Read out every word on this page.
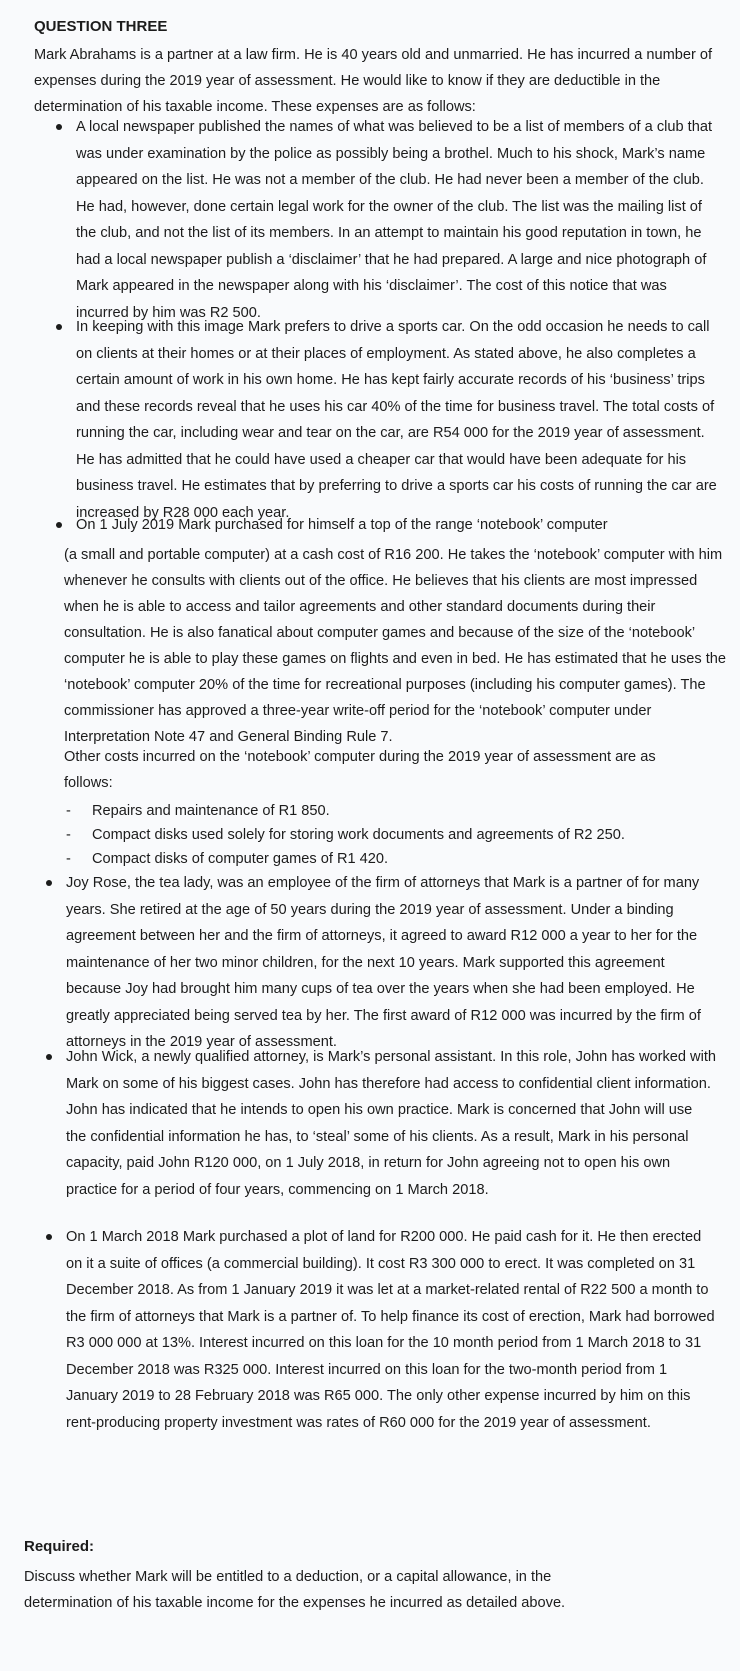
QUESTION THREE
Mark Abrahams is a partner at a law firm. He is 40 years old and unmarried. He has incurred a number of expenses during the 2019 year of assessment. He would like to know if they are deductible in the determination of his taxable income. These expenses are as follows:
A local newspaper published the names of what was believed to be a list of members of a club that was under examination by the police as possibly being a brothel. Much to his shock, Mark’s name appeared on the list. He was not a member of the club. He had never been a member of the club. He had, however, done certain legal work for the owner of the club. The list was the mailing list of the club, and not the list of its members. In an attempt to maintain his good reputation in town, he had a local newspaper publish a ‘disclaimer’ that he had prepared. A large and nice photograph of Mark appeared in the newspaper along with his ‘disclaimer’. The cost of this notice that was incurred by him was R2 500.
In keeping with this image Mark prefers to drive a sports car. On the odd occasion he needs to call on clients at their homes or at their places of employment. As stated above, he also completes a certain amount of work in his own home. He has kept fairly accurate records of his ‘business’ trips and these records reveal that he uses his car 40% of the time for business travel. The total costs of running the car, including wear and tear on the car, are R54 000 for the 2019 year of assessment. He has admitted that he could have used a cheaper car that would have been adequate for his business travel. He estimates that by preferring to drive a sports car his costs of running the car are increased by R28 000 each year.
On 1 July 2019 Mark purchased for himself a top of the range ‘notebook’ computer
(a small and portable computer) at a cash cost of R16 200. He takes the ‘notebook’ computer with him whenever he consults with clients out of the office. He believes that his clients are most impressed when he is able to access and tailor agreements and other standard documents during their consultation. He is also fanatical about computer games and because of the size of the ‘notebook’ computer he is able to play these games on flights and even in bed. He has estimated that he uses the ‘notebook’ computer 20% of the time for recreational purposes (including his computer games). The commissioner has approved a three-year write-off period for the ‘notebook’ computer under Interpretation Note 47 and General Binding Rule 7.
Other costs incurred on the ‘notebook’ computer during the 2019 year of assessment are as follows:
- Repairs and maintenance of R1 850.
- Compact disks used solely for storing work documents and agreements of R2 250.
- Compact disks of computer games of R1 420.
Joy Rose, the tea lady, was an employee of the firm of attorneys that Mark is a partner of for many years. She retired at the age of 50 years during the 2019 year of assessment. Under a binding agreement between her and the firm of attorneys, it agreed to award R12 000 a year to her for the maintenance of her two minor children, for the next 10 years. Mark supported this agreement because Joy had brought him many cups of tea over the years when she had been employed. He greatly appreciated being served tea by her. The first award of R12 000 was incurred by the firm of attorneys in the 2019 year of assessment.
John Wick, a newly qualified attorney, is Mark’s personal assistant. In this role, John has worked with Mark on some of his biggest cases. John has therefore had access to confidential client information. John has indicated that he intends to open his own practice. Mark is concerned that John will use the confidential information he has, to ‘steal’ some of his clients. As a result, Mark in his personal capacity, paid John R120 000, on 1 July 2018, in return for John agreeing not to open his own practice for a period of four years, commencing on 1 March 2018.
On 1 March 2018 Mark purchased a plot of land for R200 000. He paid cash for it. He then erected on it a suite of offices (a commercial building). It cost R3 300 000 to erect. It was completed on 31 December 2018. As from 1 January 2019 it was let at a market-related rental of R22 500 a month to the firm of attorneys that Mark is a partner of. To help finance its cost of erection, Mark had borrowed R3 000 000 at 13%. Interest incurred on this loan for the 10 month period from 1 March 2018 to 31 December 2018 was R325 000. Interest incurred on this loan for the two-month period from 1 January 2019 to 28 February 2018 was R65 000. The only other expense incurred by him on this rent-producing property investment was rates of R60 000 for the 2019 year of assessment.
Required:
Discuss whether Mark will be entitled to a deduction, or a capital allowance, in the determination of his taxable income for the expenses he incurred as detailed above.
